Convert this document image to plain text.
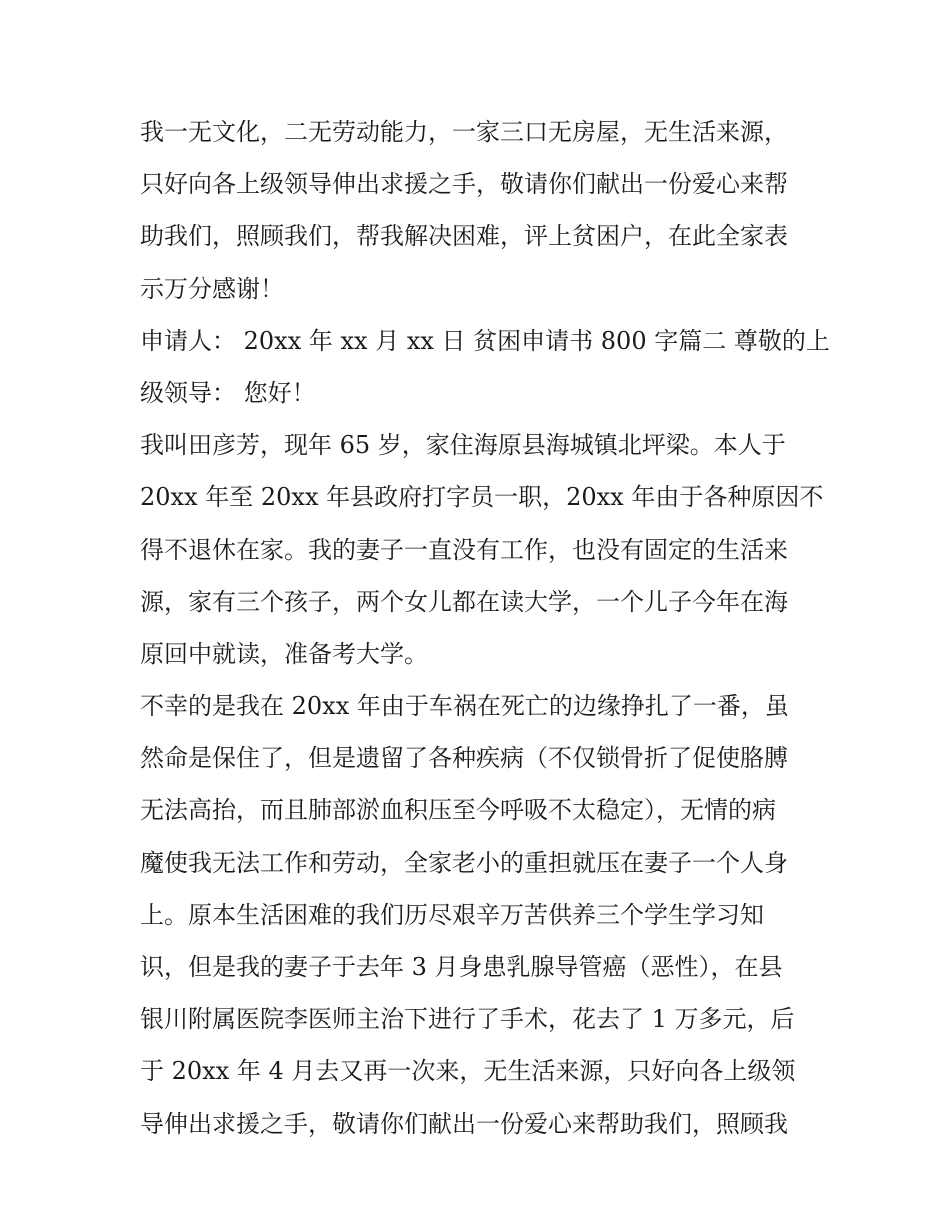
我一无文化，二无劳动能力，一家三口无房屋，无生活来源，
只好向各上级领导伸出求援之手，敬请你们献出一份爱心来帮
助我们，照顾我们，帮我解决困难，评上贫困户，在此全家表
示万分感谢！

申请人： 20xx 年 xx 月 xx 日 贫困申请书 800 字篇二 尊敬的上
级领导： 您好！

我叫田彦芳，现年 65 岁，家住海原县海城镇北坪梁。本人于
20xx 年至 20xx 年县政府打字员一职，20xx 年由于各种原因不
得不退休在家。我的妻子一直没有工作，也没有固定的生活来
源，家有三个孩子，两个女儿都在读大学，一个儿子今年在海
原回中就读，准备考大学。

不幸的是我在 20xx 年由于车祸在死亡的边缘挣扎了一番，虽
然命是保住了，但是遗留了各种疾病（不仅锁骨折了促使胳膊
无法高抬，而且肺部淤血积压至今呼吸不太稳定），无情的病
魔使我无法工作和劳动，全家老小的重担就压在妻子一个人身
上。原本生活困难的我们历尽艰辛万苦供养三个学生学习知
识，但是我的妻子于去年 3 月身患乳腺导管癌（恶性），在县
银川附属医院李医师主治下进行了手术，花去了 1 万多元，后
于 20xx 年 4 月去又再一次来，无生活来源，只好向各上级领
导伸出求援之手，敬请你们献出一份爱心来帮助我们，照顾我
